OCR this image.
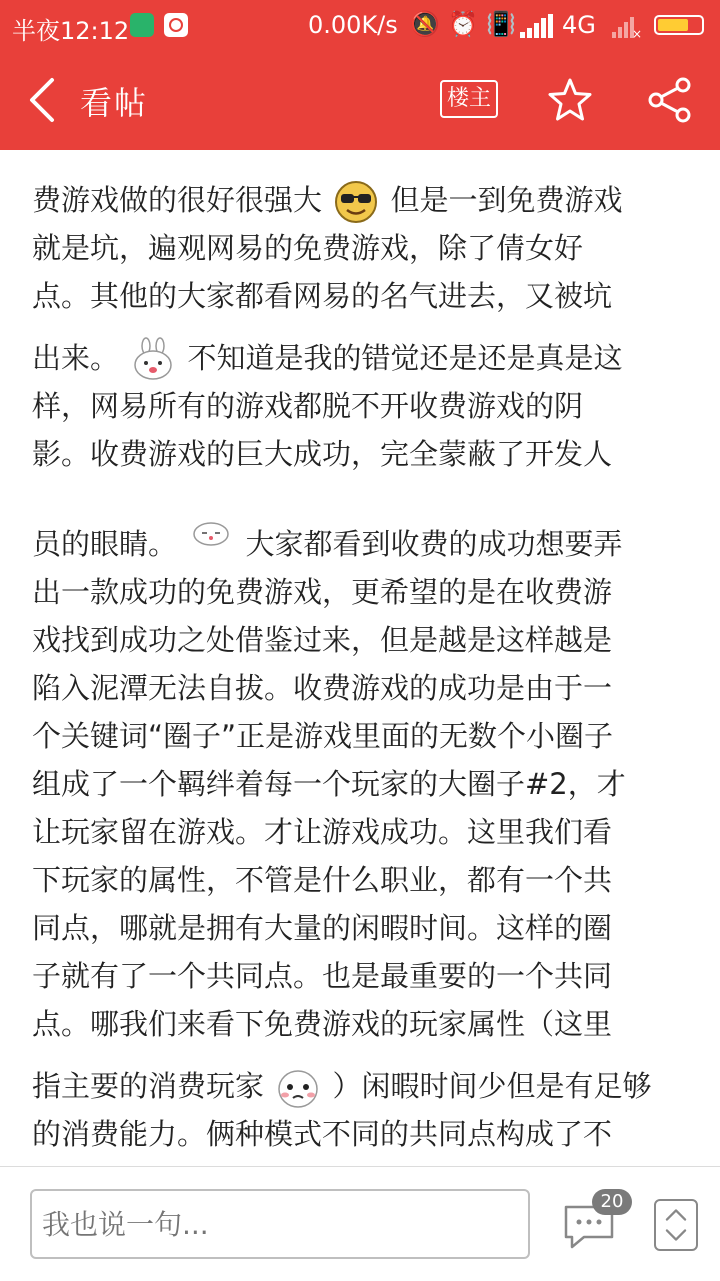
半夜12:12	0.00K/s 🔕 ⏰ 📳 4G	×
看帖	楼主
费游戏做的很好很强大 但是一到免费游戏
就是坑，遍观网易的免费游戏，除了倩女好
点。其他的大家都看网易的名气进去，又被坑
出来。 不知道是我的错觉还是还是真是这
样，网易所有的游戏都脱不开收费游戏的阴
影。收费游戏的巨大成功，完全蒙蔽了开发人
员的眼睛。 大家都看到收费的成功想要弄
出一款成功的免费游戏，更希望的是在收费游
戏找到成功之处借鉴过来，但是越是这样越是
陷入泥潭无法自拔。收费游戏的成功是由于一
个关键词“圈子”正是游戏里面的无数个小圈子
组成了一个羁绊着每一个玩家的大圈子#2，才
让玩家留在游戏。才让游戏成功。这里我们看
下玩家的属性，不管是什么职业，都有一个共
同点，哪就是拥有大量的闲暇时间。这样的圈
子就有了一个共同点。也是最重要的一个共同
点。哪我们来看下免费游戏的玩家属性（这里
指主要的消费玩家 ）闲暇时间少但是有足够
的消费能力。俩种模式不同的共同点构成了不
我也说一句...
20
